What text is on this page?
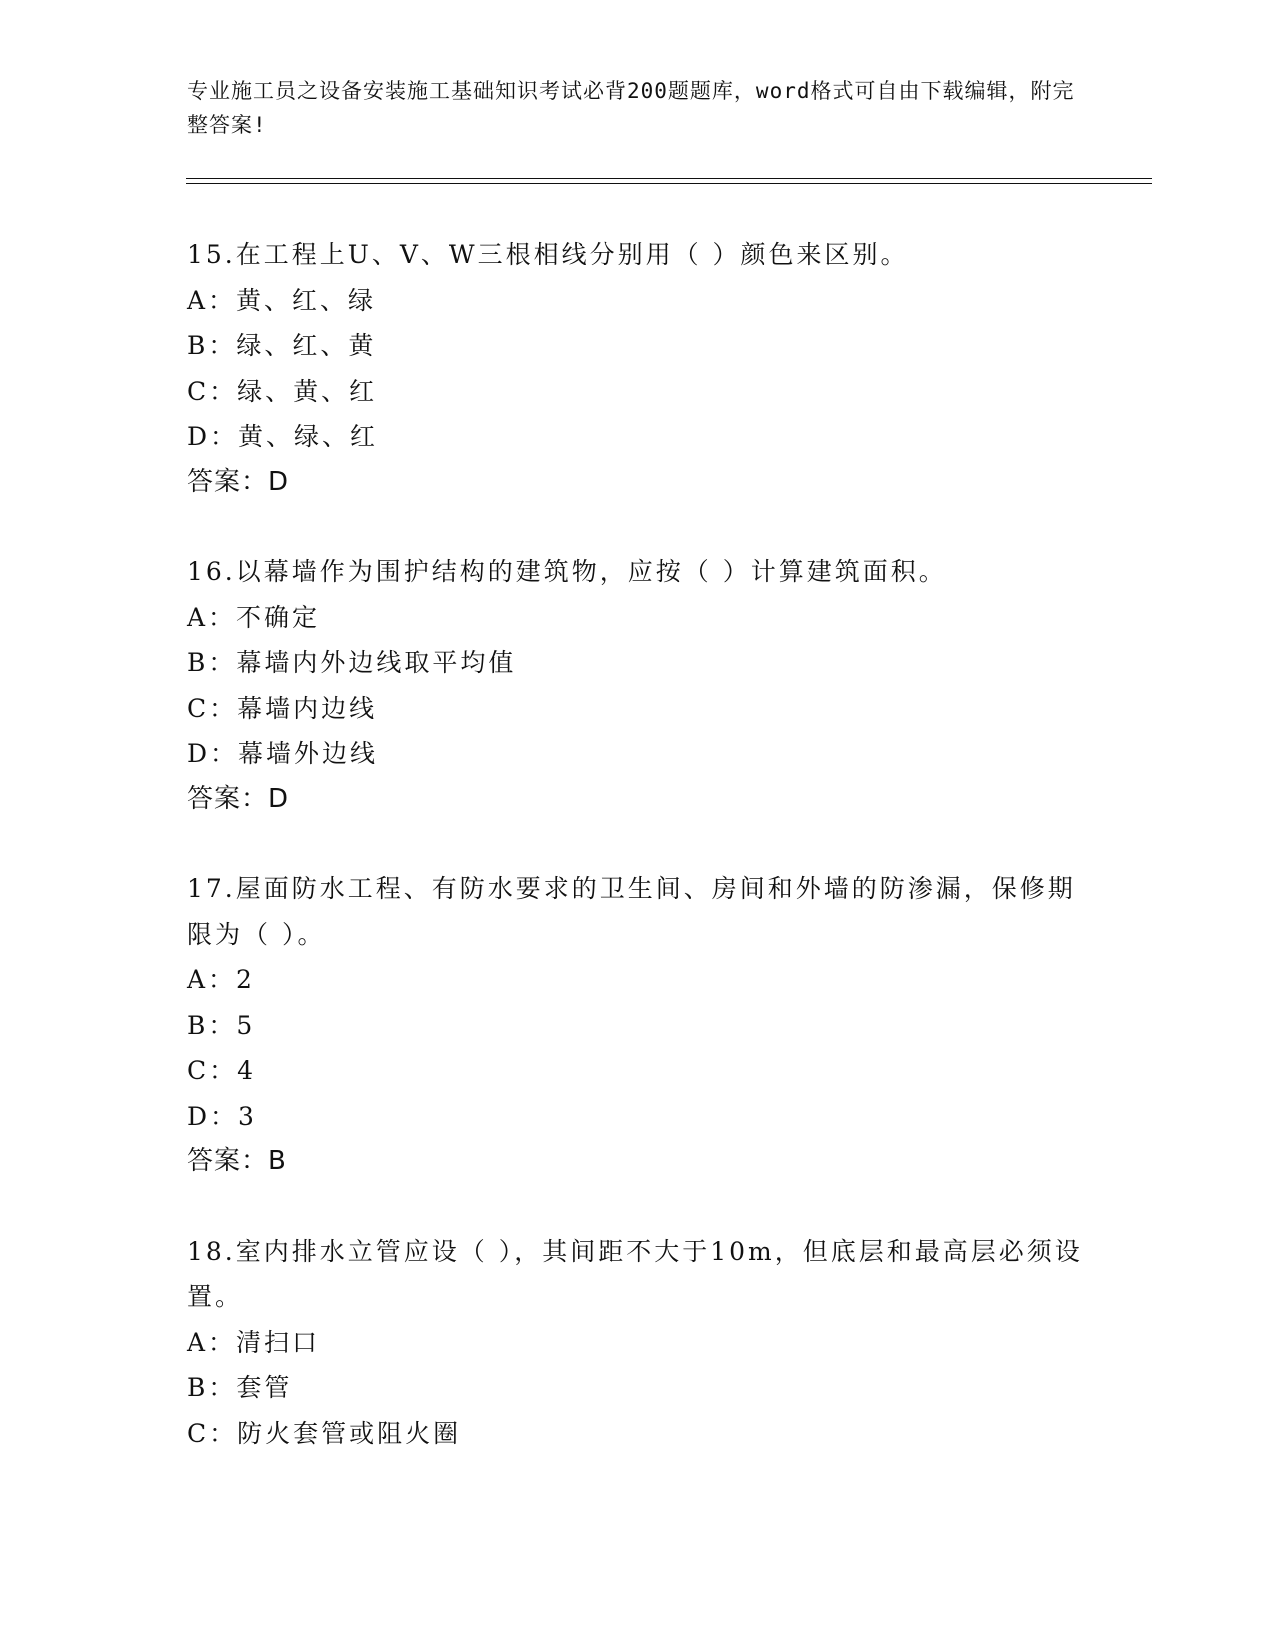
专业施工员之设备安装施工基础知识考试必背200题题库，word格式可自由下载编辑，附完整答案!
15.在工程上U、V、W三根相线分别用（ ）颜色来区别。
A：黄、红、绿
B：绿、红、黄
C：绿、黄、红
D：黄、绿、红
答案：D
16.以幕墙作为围护结构的建筑物，应按（ ）计算建筑面积。
A：不确定
B：幕墙内外边线取平均值
C：幕墙内边线
D：幕墙外边线
答案：D
17.屋面防水工程、有防水要求的卫生间、房间和外墙的防渗漏，保修期限为（ ）。
A：2
B：5
C：4
D：3
答案：B
18.室内排水立管应设（ ），其间距不大于10m，但底层和最高层必须设置。
A：清扫口
B：套管
C：防火套管或阻火圈
